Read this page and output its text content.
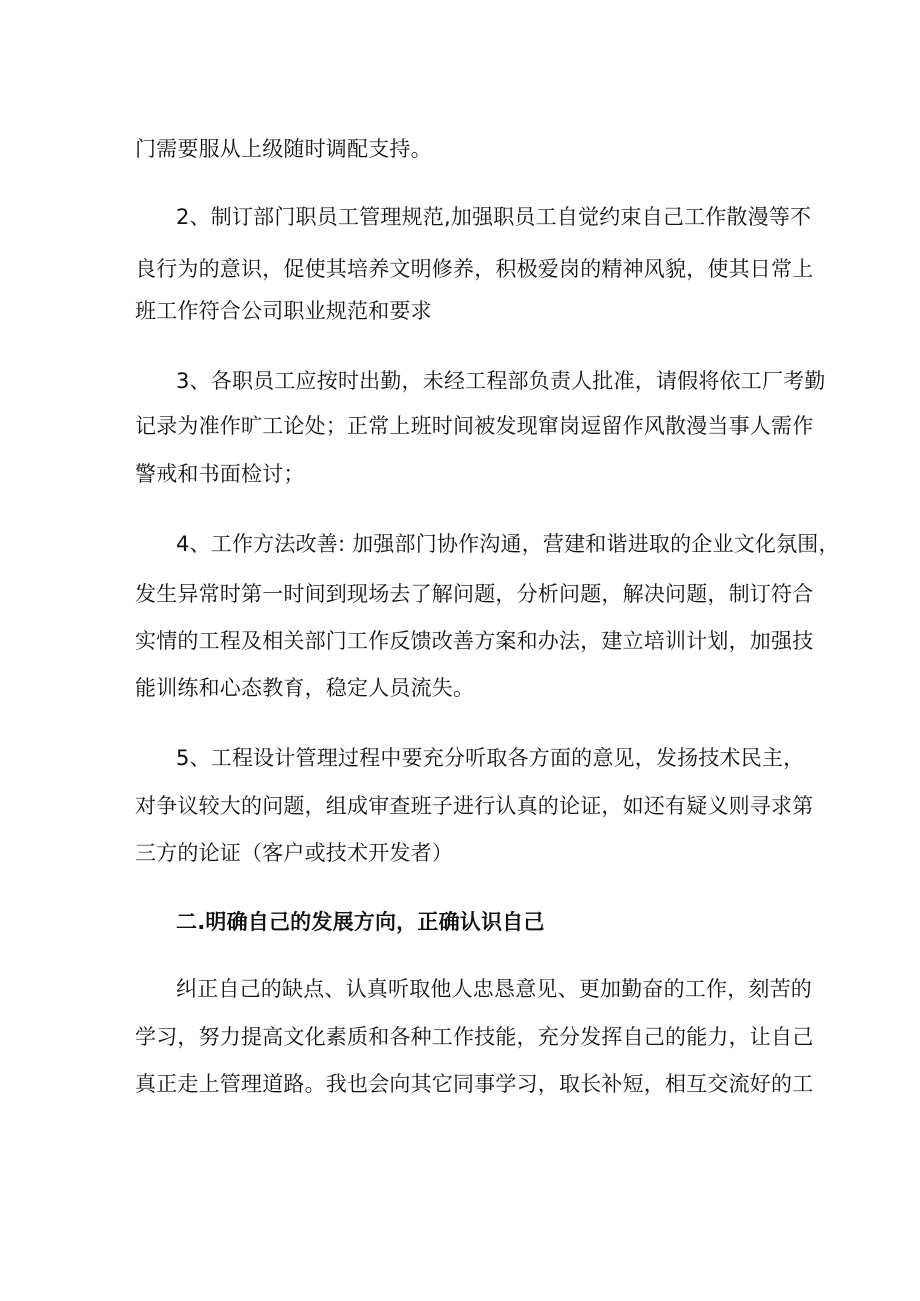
门需要服从上级随时调配支持。
2、制订部门职员工管理规范,加强职员工自觉约束自己工作散漫等不
良行为的意识，促使其培养文明修养，积极爱岗的精神风貌，使其日常上
班工作符合公司职业规范和要求
3、各职员工应按时出勤，未经工程部负责人批准，请假将依工厂考勤
记录为准作旷工论处；正常上班时间被发现窜岗逗留作风散漫当事人需作
警戒和书面检讨；
4、工作方法改善: 加强部门协作沟通，营建和谐进取的企业文化氛围，
发生异常时第一时间到现场去了解问题，分析问题，解决问题，制订符合
实情的工程及相关部门工作反馈改善方案和办法，建立培训计划，加强技
能训练和心态教育，稳定人员流失。
5、工程设计管理过程中要充分听取各方面的意见，发扬技术民主，
对争议较大的问题，组成审查班子进行认真的论证，如还有疑义则寻求第
三方的论证（客户或技术开发者）
二.明确自己的发展方向，正确认识自己
纠正自己的缺点、认真听取他人忠恳意见、更加勤奋的工作，刻苦的
学习，努力提高文化素质和各种工作技能，充分发挥自己的能力，让自己
真正走上管理道路。我也会向其它同事学习，取长补短，相互交流好的工
